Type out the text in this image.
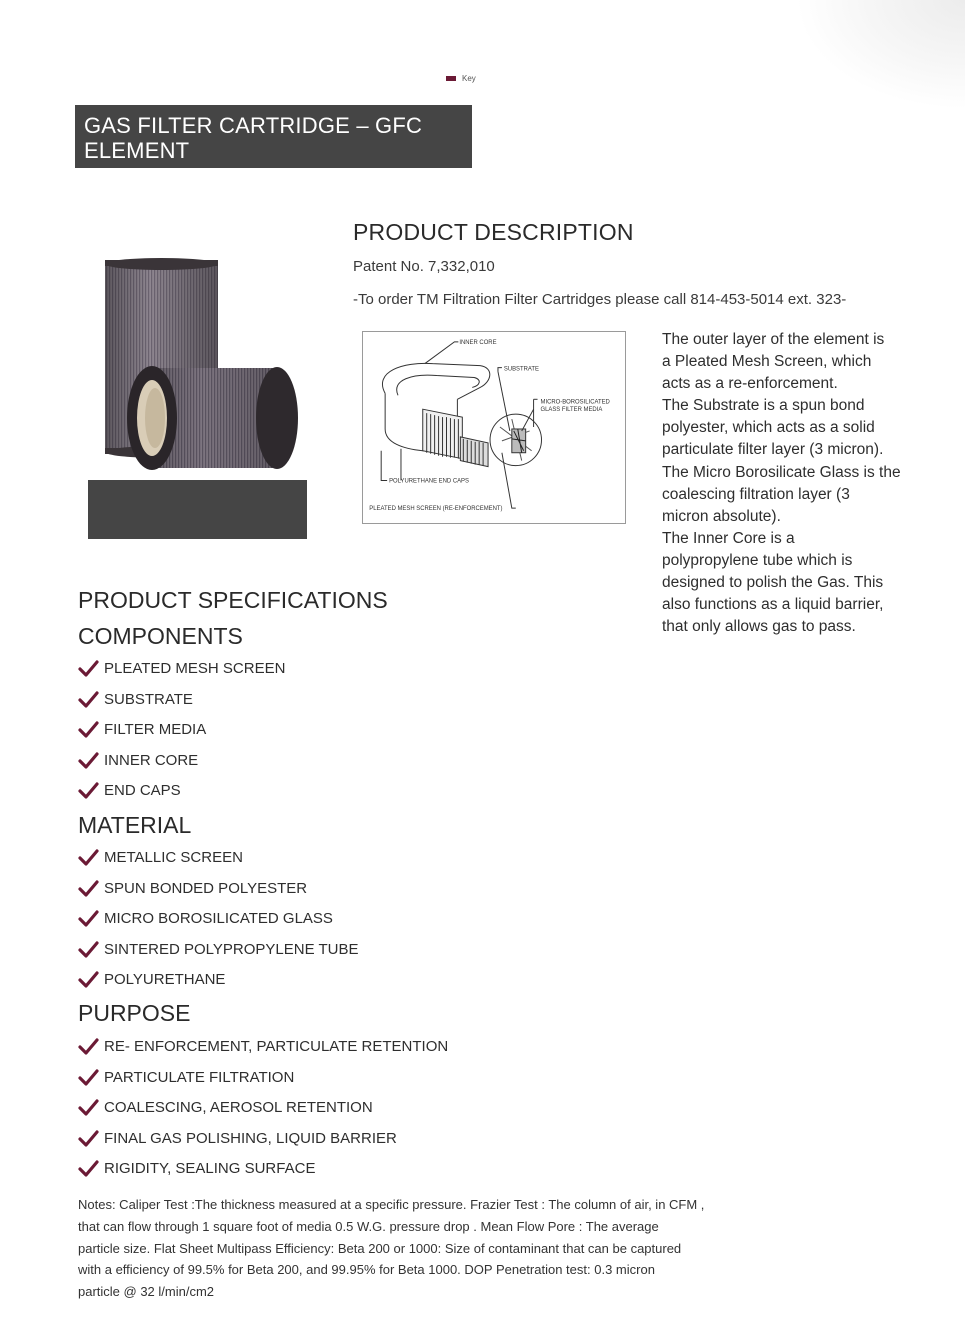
Key
GAS FILTER CARTRIDGE – GFC
ELEMENT
PRODUCT DESCRIPTION
Patent No. 7,332,010
-To order TM Filtration Filter Cartridges please call 814-453-5014 ext. 323-
INNER CORE
SUBSTRATE
MICRO-BOROSILICATED
GLASS FILTER MEDIA
POLYURETHANE END CAPS
PLEATED MESH SCREEN (RE-ENFORCEMENT)

The outer layer of the element is

a Pleated Mesh Screen, which

acts as a re-enforcement.

The Substrate is a spun bond

polyester, which acts as a solid

particulate filter layer (3 micron).

The Micro Borosilicate Glass is the

coalescing filtration layer (3

micron absolute).

The Inner Core is a

polypropylene tube which is

designed to polish the Gas. This

also functions as a liquid barrier,

that only allows gas to pass.

PRODUCT SPECIFICATIONS
COMPONENTS
PLEATED MESH SCREEN
SUBSTRATE
FILTER MEDIA
INNER CORE
END CAPS
MATERIAL
METALLIC SCREEN
SPUN BONDED POLYESTER
MICRO BOROSILICATED GLASS
SINTERED POLYPROPYLENE TUBE
POLYURETHANE
PURPOSE
RE- ENFORCEMENT, PARTICULATE RETENTION
PARTICULATE FILTRATION
COALESCING, AEROSOL RETENTION
FINAL GAS POLISHING, LIQUID BARRIER
RIGIDITY, SEALING SURFACE
Notes: Caliper Test :The thickness measured at a specific pressure. Frazier Test : The column of air, in CFM ,
that can flow through 1 square foot of media 0.5 W.G. pressure drop . Mean Flow Pore : The average
particle size. Flat Sheet Multipass Efficiency: Beta 200 or 1000: Size of contaminant that can be captured
with a efficiency of 99.5% for Beta 200, and 99.95% for Beta 1000. DOP Penetration test: 0.3 micron
particle @ 32 l/min/cm2
